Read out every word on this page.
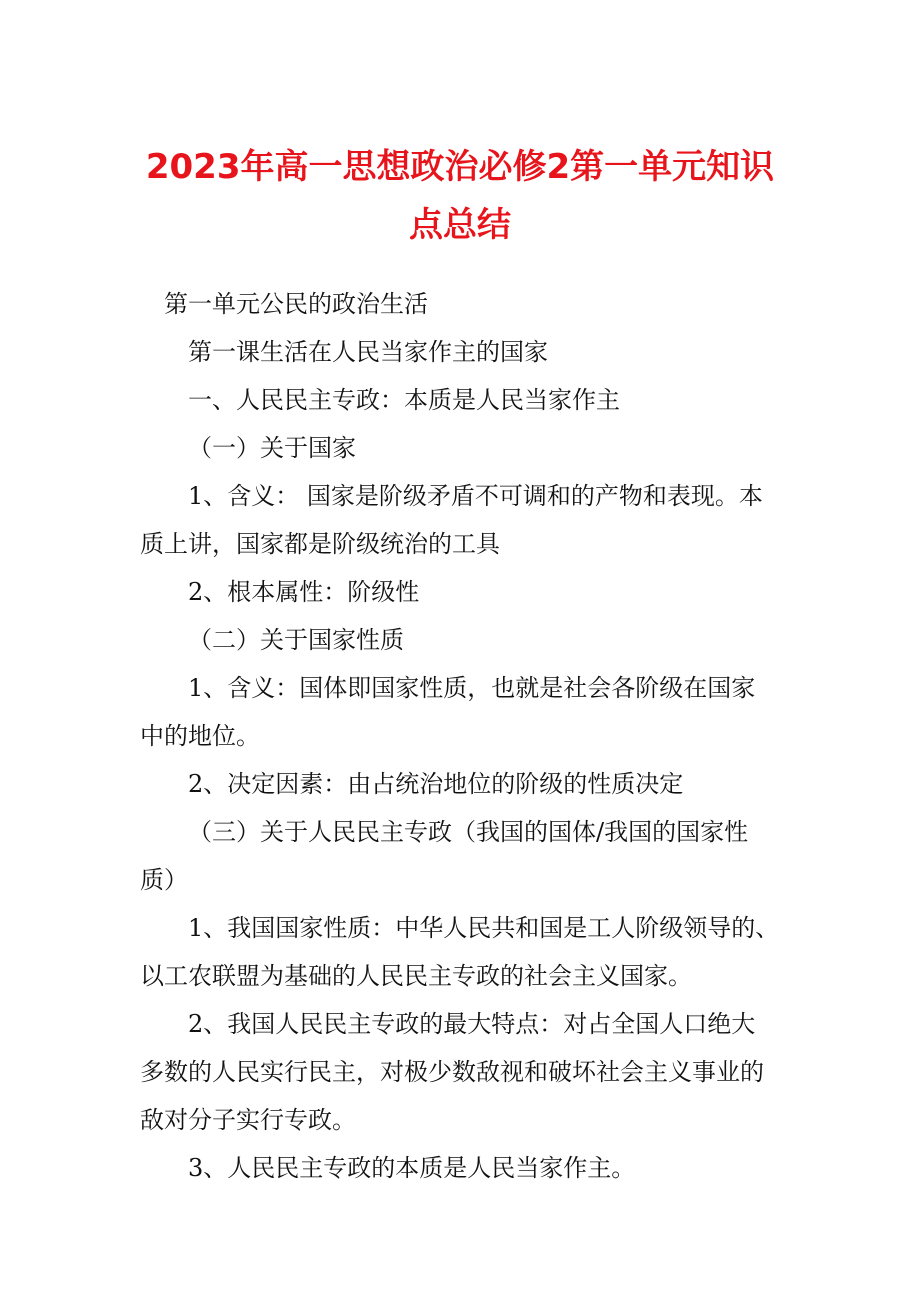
2023年高一思想政治必修2第一单元知识
点总结
第一单元公民的政治生活
第一课生活在人民当家作主的国家
一、人民民主专政：本质是人民当家作主
（一）关于国家
1、含义： 国家是阶级矛盾不可调和的产物和表现。本
质上讲，国家都是阶级统治的工具
2、根本属性：阶级性
（二）关于国家性质
1、含义：国体即国家性质，也就是社会各阶级在国家
中的地位。
2、决定因素：由占统治地位的阶级的性质决定
（三）关于人民民主专政（我国的国体/我国的国家性
质）
1、我国国家性质：中华人民共和国是工人阶级领导的、
以工农联盟为基础的人民民主专政的社会主义国家。
2、我国人民民主专政的最大特点：对占全国人口绝大
多数的人民实行民主，对极少数敌视和破坏社会主义事业的
敌对分子实行专政。
3、人民民主专政的本质是人民当家作主。
